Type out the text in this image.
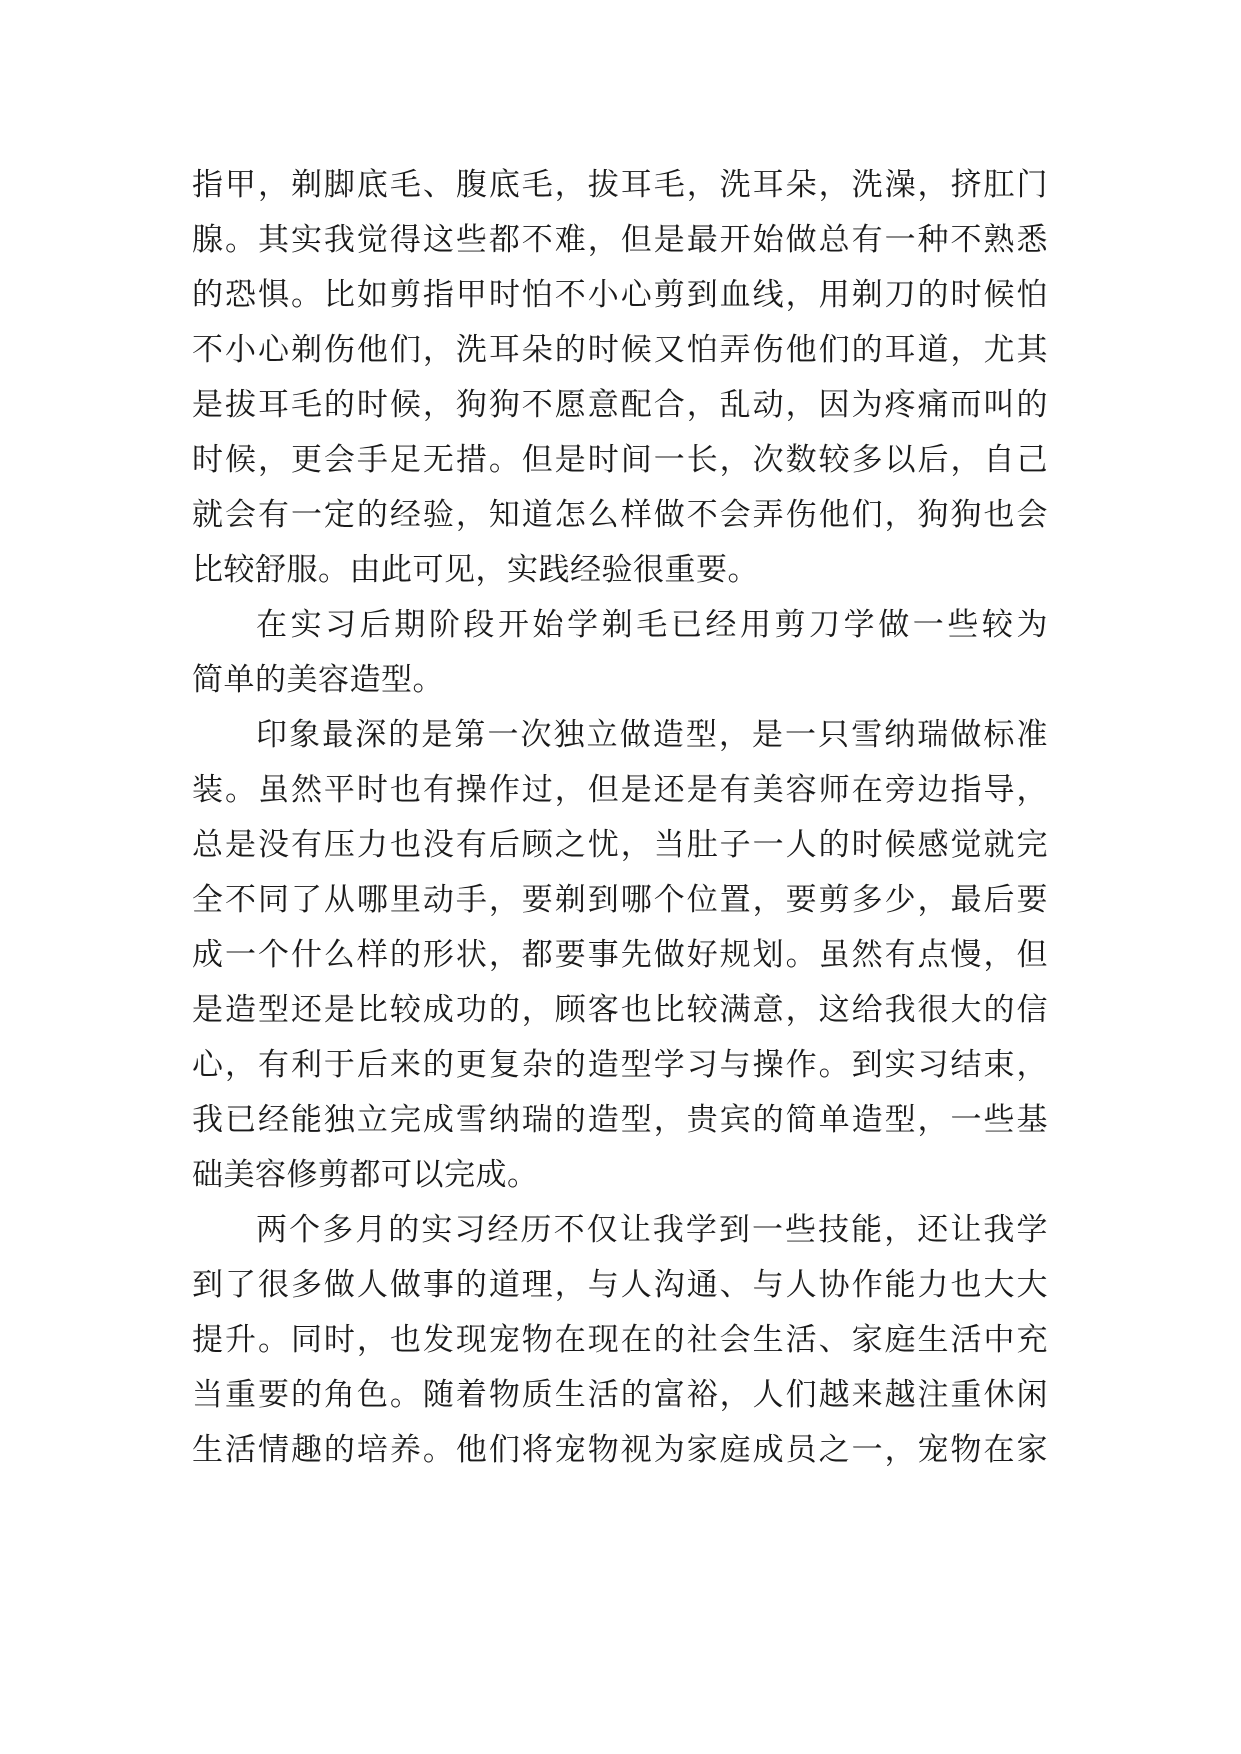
指甲，剃脚底毛、腹底毛，拔耳毛，洗耳朵，洗澡，挤肛门
腺。其实我觉得这些都不难，但是最开始做总有一种不熟悉
的恐惧。比如剪指甲时怕不小心剪到血线，用剃刀的时候怕
不小心剃伤他们，洗耳朵的时候又怕弄伤他们的耳道，尤其
是拔耳毛的时候，狗狗不愿意配合，乱动，因为疼痛而叫的
时候，更会手足无措。但是时间一长，次数较多以后，自己
就会有一定的经验，知道怎么样做不会弄伤他们，狗狗也会
比较舒服。由此可见，实践经验很重要。
在实习后期阶段开始学剃毛已经用剪刀学做一些较为
简单的美容造型。
印象最深的是第一次独立做造型，是一只雪纳瑞做标准
装。虽然平时也有操作过，但是还是有美容师在旁边指导，
总是没有压力也没有后顾之忧，当肚子一人的时候感觉就完
全不同了从哪里动手，要剃到哪个位置，要剪多少，最后要
成一个什么样的形状，都要事先做好规划。虽然有点慢，但
是造型还是比较成功的，顾客也比较满意，这给我很大的信
心，有利于后来的更复杂的造型学习与操作。到实习结束，
我已经能独立完成雪纳瑞的造型，贵宾的简单造型，一些基
础美容修剪都可以完成。
两个多月的实习经历不仅让我学到一些技能，还让我学
到了很多做人做事的道理，与人沟通、与人协作能力也大大
提升。同时，也发现宠物在现在的社会生活、家庭生活中充
当重要的角色。随着物质生活的富裕，人们越来越注重休闲
生活情趣的培养。他们将宠物视为家庭成员之一，宠物在家
